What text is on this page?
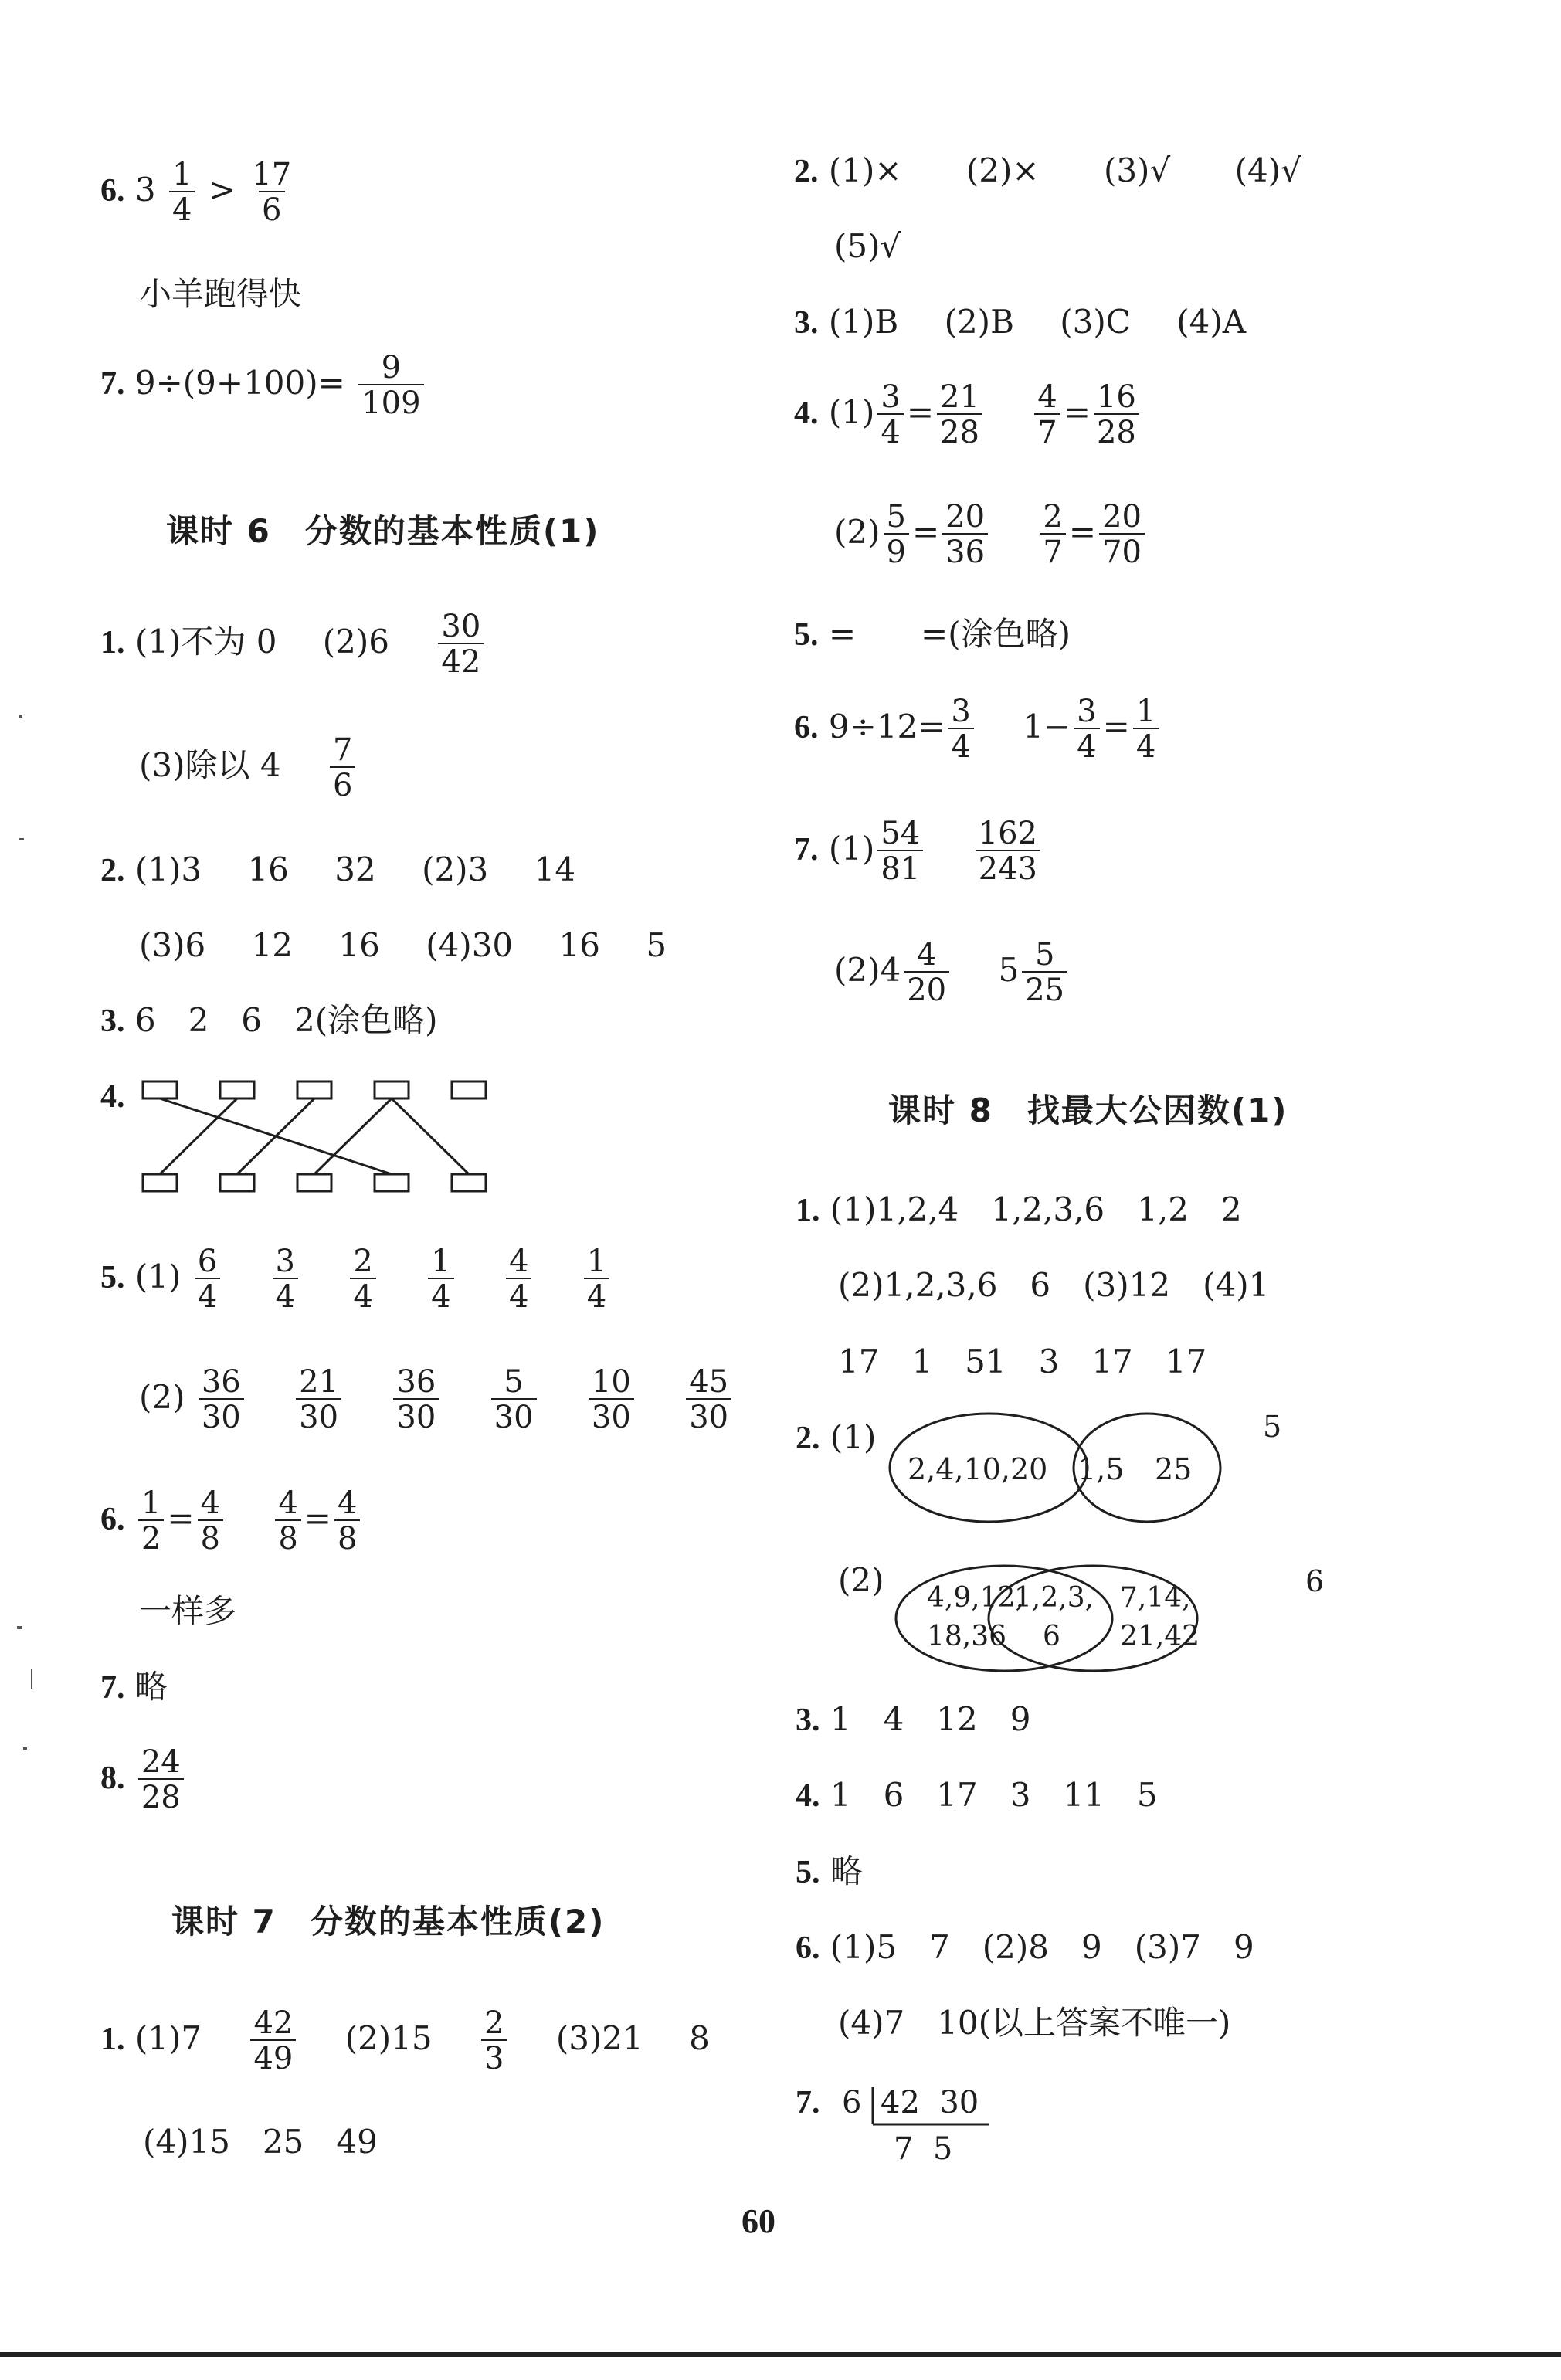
6. $3 \frac{1}{4} > \frac{17}{6}$
小羊跑得快
7. $9\div(9+100)= \frac{9}{109}$
课时 6　分数的基本性质(1)
1. (1)不为 0 $(2)6 \frac{30}{42}$
(3)除以 $4 \frac{7}{6}$
2. (1)3 16 32 (2)3 14
(3)6 12 16 (4)30 16 5
3. 6　2　6　2(涂色略)
4.
5. $(1) \frac{6}{4}$
$\frac{3}{4}$
$\frac{2}{4}$
$\frac{1}{4}$
$\frac{4}{4}$
$\frac{1}{4}$
$(2) \frac{36}{30}$
$\frac{21}{30}$
$\frac{36}{30}$
$\frac{5}{30}$
$\frac{10}{30}$
$\frac{45}{30}$
6. $\frac{1}{2} = \frac{4}{8}$
$\frac{4}{8} = \frac{4}{8}$
一样多
7. 略
8. $\frac{24}{28}$
课时 7　分数的基本性质(2)
1. $(1)7 \frac{42}{49} (2)15 \frac{2}{3} (3)21$ 8
(4)15　25　49
2. (1)× (2)× (3)√ (4)√
(5)√
3. (1)B (2)B (3)C (4)A
4. $(1) \frac{3}{4} = \frac{21}{28}$
$\frac{4}{7} = \frac{16}{28}$
$(2) \frac{5}{9} = \frac{20}{36}$
$\frac{2}{7} = \frac{20}{70}$
5. =　　=(涂色略)
6. $9\div 12= \frac{3}{4} 1- \frac{3}{4} = \frac{1}{4}$
7. $(1) \frac{54}{81}$
$\frac{162}{243}$
$(2)4 \frac{4}{20} 5 \frac{5}{25}$
课时 8　找最大公因数(1)
1. (1)1,2,4　1,2,3,6　1,2　2
(2)1,2,3,6　6　(3)12　(4)1
17　1　51　3　17　17
2. (1)
2,4,10,20 1,5 25
5
(2) 4,9,12,
18,36
1,2,3,
6
7,14,
21,42
6
3. 1　4　12　9
4. 1　6　17　3　11　5
5. 略
6. (1)5　7　(2)8　9　(3)7　9
(4)7　10(以上答案不唯一)
7. 6 42  30
7  5
60
